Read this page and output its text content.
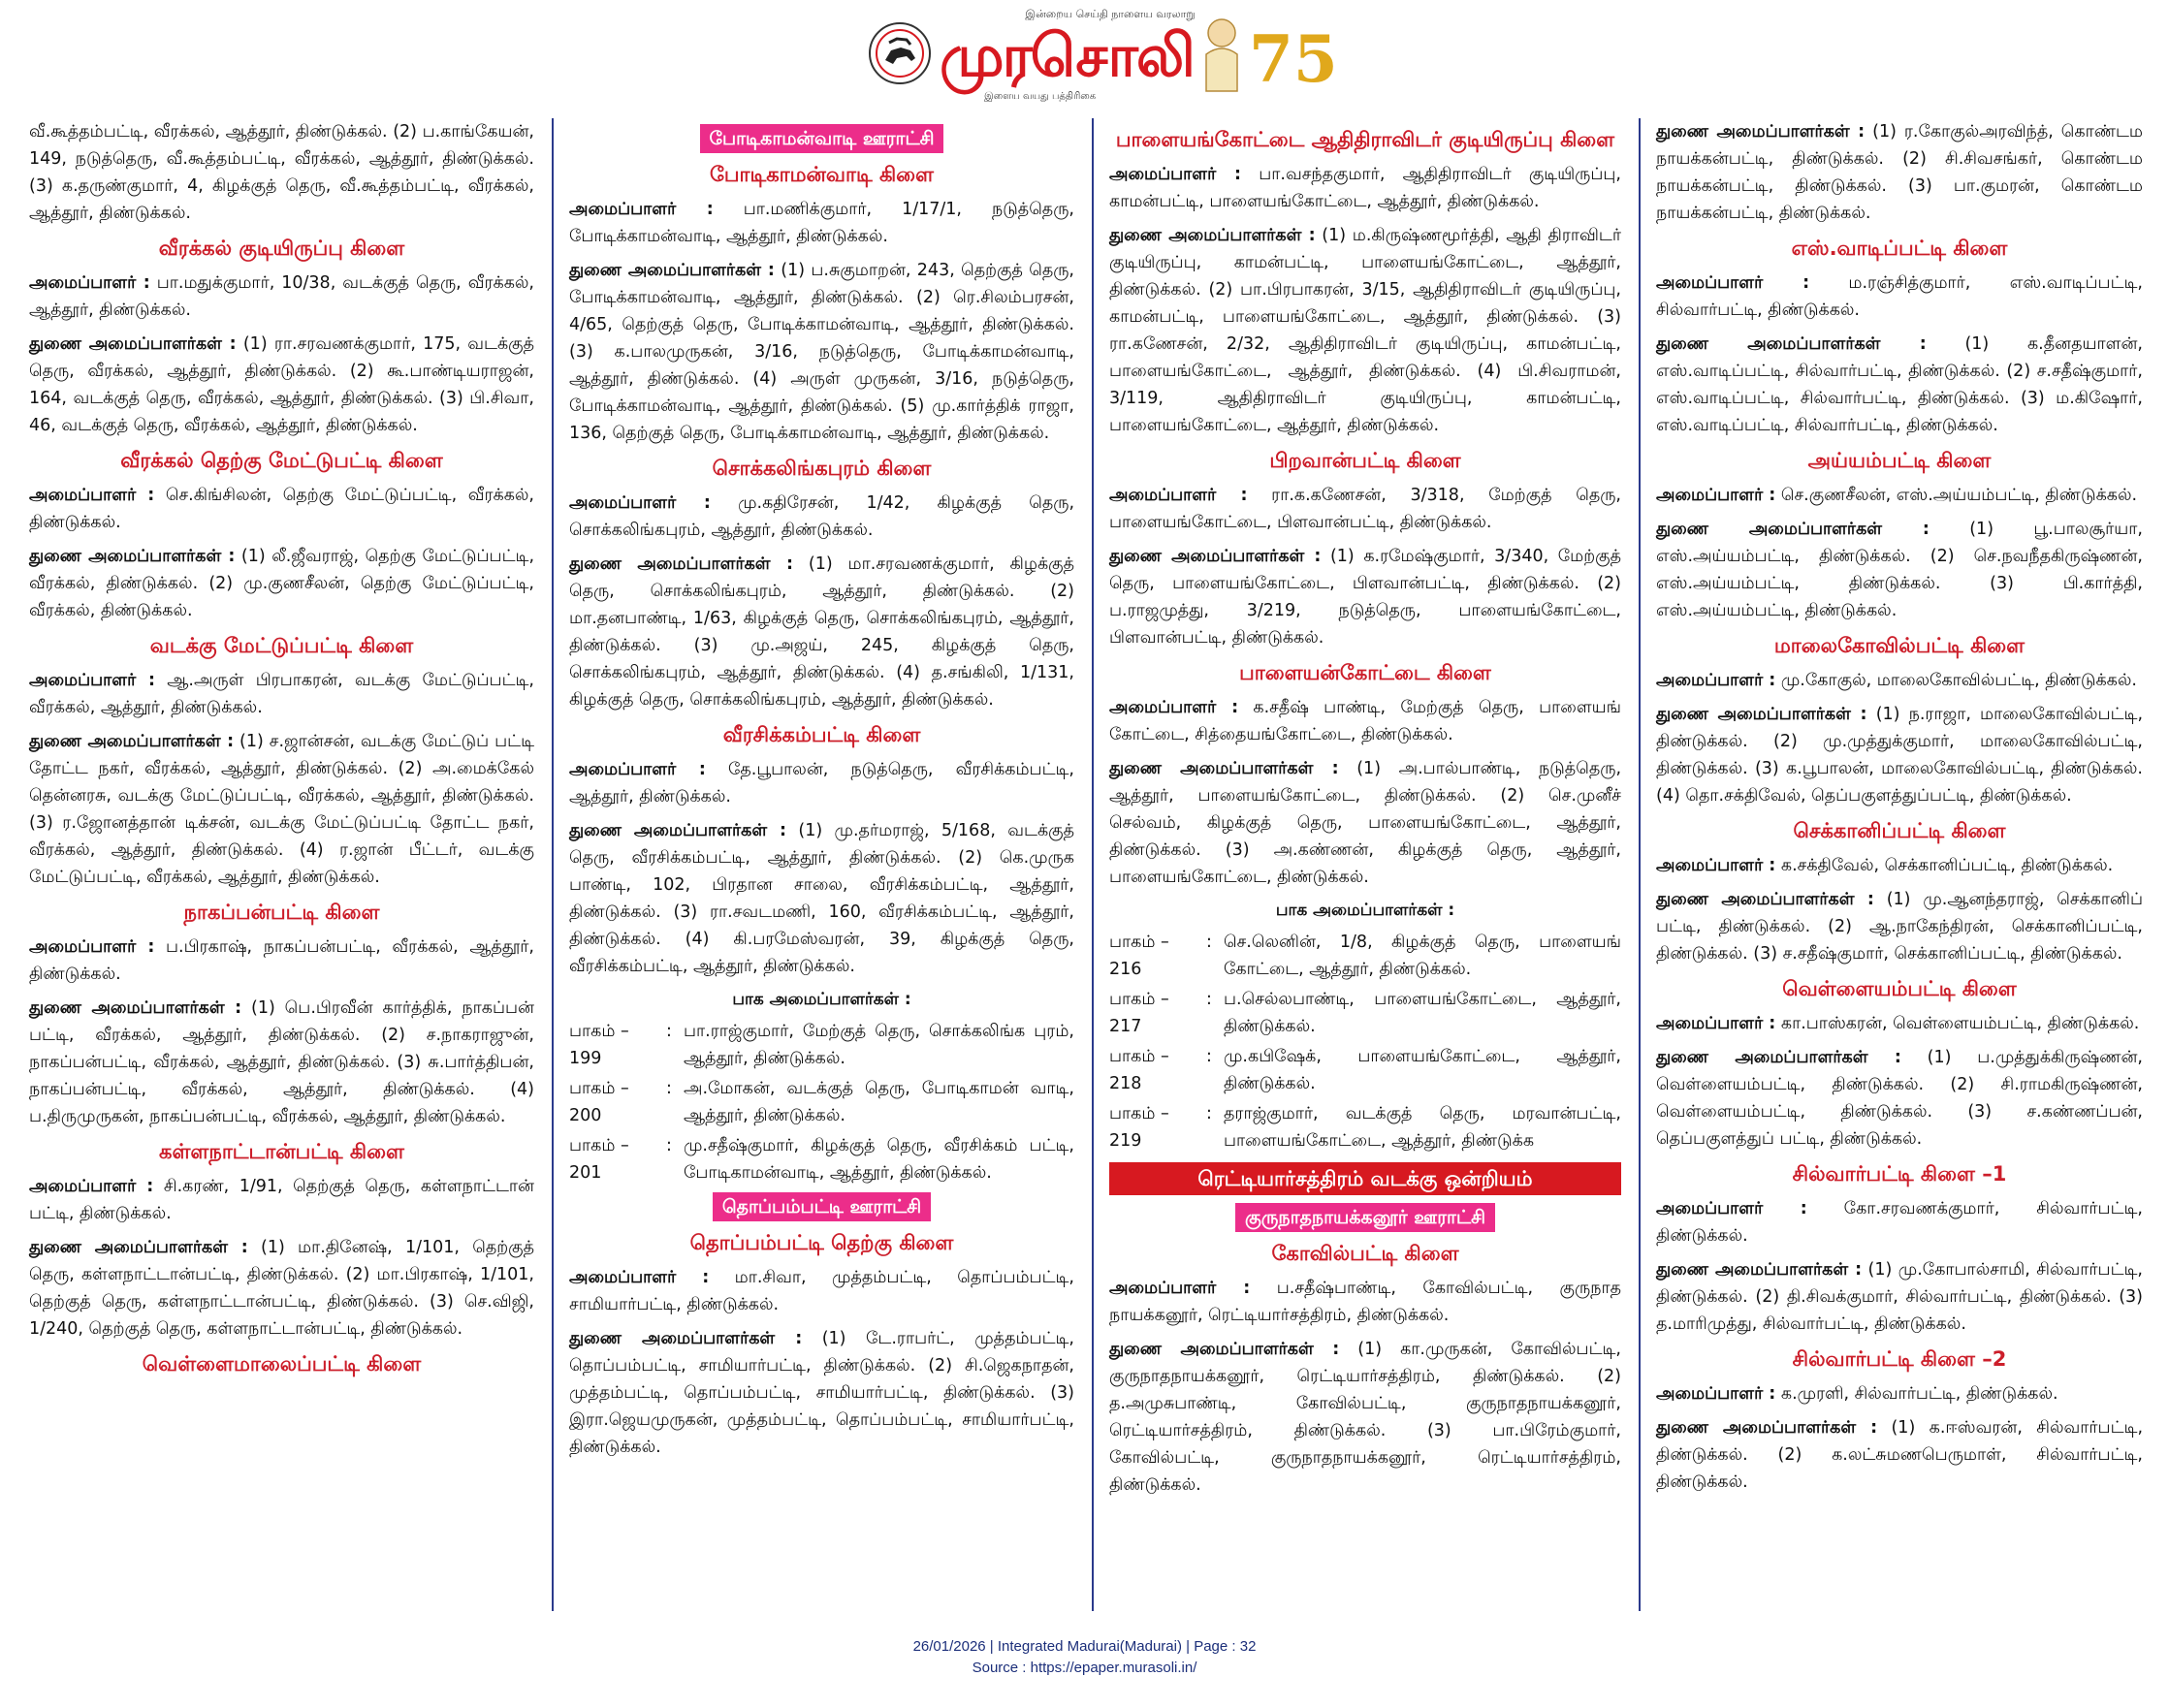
இன்றைய செய்தி நாளைய வரலாறு
முரசொலி 75
இளைய வயது பத்திரிகை

வீ.கூத்தம்பட்டி, வீரக்கல், ஆத்தூர், திண்டுக்கல். (2) ப.காங்கேயன், 149, நடுத்தெரு, வீ.கூத்தம்பட்டி, வீரக்கல், ஆத்தூர், திண்டுக்கல். (3) க.தருண்குமார், 4, கிழக்குத் தெரு, வீ.கூத்தம்பட்டி, வீரக்கல், ஆத்தூர், திண்டுக்கல்.

வீரக்கல் குடியிருப்பு கிளை

அமைப்பாளர் : பா.மதுக்குமார், 10/38, வடக்குத் தெரு, வீரக்கல், ஆத்தூர், திண்டுக்கல்.

துணை அமைப்பாளர்கள் : (1) ரா.சரவணக்குமார், 175, வடக்குத் தெரு, வீரக்கல், ஆத்தூர், திண்டுக்கல். (2) கூ.பாண்டியராஜன், 164, வடக்குத் தெரு, வீரக்கல், ஆத்தூர், திண்டுக்கல். (3) பி.சிவா, 46, வடக்குத் தெரு, வீரக்கல், ஆத்தூர், திண்டுக்கல்.

வீரக்கல் தெற்கு மேட்டுபட்டி கிளை

அமைப்பாளர் : செ.கிங்சிலன், தெற்கு மேட்டுப்பட்டி, வீரக்கல், திண்டுக்கல்.

துணை அமைப்பாளர்கள் : (1) லீ.ஜீவராஜ், தெற்கு மேட்டுப்பட்டி, வீரக்கல், திண்டுக்கல். (2) மு.குணசீலன், தெற்கு மேட்டுப்பட்டி, வீரக்கல், திண்டுக்கல்.

வடக்கு மேட்டுப்பட்டி கிளை

அமைப்பாளர் : ஆ.அருள் பிரபாகரன், வடக்கு மேட்டுப்பட்டி, வீரக்கல், ஆத்தூர், திண்டுக்கல்.

துணை அமைப்பாளர்கள் : (1) ச.ஜான்சன், வடக்கு மேட்டுப் பட்டி தோட்ட நகர், வீரக்கல், ஆத்தூர், திண்டுக்கல். (2) அ.மைக்கேல் தென்னரசு, வடக்கு மேட்டுப்பட்டி, வீரக்கல், ஆத்தூர், திண்டுக்கல். (3) ர.ஜோனத்தான் டிக்சன், வடக்கு மேட்டுப்பட்டி தோட்ட நகர், வீரக்கல், ஆத்தூர், திண்டுக்கல். (4) ர.ஜான் பீட்டர், வடக்கு மேட்டுப்பட்டி, வீரக்கல், ஆத்தூர், திண்டுக்கல்.

நாகப்பன்பட்டி கிளை

அமைப்பாளர் : ப.பிரகாஷ், நாகப்பன்பட்டி, வீரக்கல், ஆத்தூர், திண்டுக்கல்.

துணை அமைப்பாளர்கள் : (1) பெ.பிரவீன் கார்த்திக், நாகப்பன் பட்டி, வீரக்கல், ஆத்தூர், திண்டுக்கல். (2) ச.நாகராஜுன், நாகப்பன்பட்டி, வீரக்கல், ஆத்தூர், திண்டுக்கல். (3) சு.பார்த்திபன், நாகப்பன்பட்டி, வீரக்கல், ஆத்தூர், திண்டுக்கல். (4) ப.திருமுருகன், நாகப்பன்பட்டி, வீரக்கல், ஆத்தூர், திண்டுக்கல்.

கள்ளநாட்டான்பட்டி கிளை

அமைப்பாளர் : சி.கரண், 1/91, தெற்குத் தெரு, கள்ளநாட்டான் பட்டி, திண்டுக்கல்.

துணை அமைப்பாளர்கள் : (1) மா.தினேஷ், 1/101, தெற்குத் தெரு, கள்ளநாட்டான்பட்டி, திண்டுக்கல். (2) மா.பிரகாஷ், 1/101, தெற்குத் தெரு, கள்ளநாட்டான்பட்டி, திண்டுக்கல். (3) செ.விஜி, 1/240, தெற்குத் தெரு, கள்ளநாட்டான்பட்டி, திண்டுக்கல்.

வெள்ளைமாலைப்பட்டி கிளை
போடிகாமன்வாடி ஊராட்சி
போடிகாமன்வாடி கிளை

அமைப்பாளர் : பா.மணிக்குமார், 1/17/1, நடுத்தெரு, போடிக்காமன்வாடி, ஆத்தூர், திண்டுக்கல்.

துணை அமைப்பாளர்கள் : (1) ப.சுகுமாறன், 243, தெற்குத் தெரு, போடிக்காமன்வாடி, ஆத்தூர், திண்டுக்கல். (2) ரெ.சிலம்பரசன், 4/65, தெற்குத் தெரு, போடிக்காமன்வாடி, ஆத்தூர், திண்டுக்கல். (3) க.பாலமுருகன், 3/16, நடுத்தெரு, போடிக்காமன்வாடி, ஆத்தூர், திண்டுக்கல். (4) அருள் முருகன், 3/16, நடுத்தெரு, போடிக்காமன்வாடி, ஆத்தூர், திண்டுக்கல். (5) மு.கார்த்திக் ராஜா, 136, தெற்குத் தெரு, போடிக்காமன்வாடி, ஆத்தூர், திண்டுக்கல்.

சொக்கலிங்கபுரம் கிளை

அமைப்பாளர் : மு.கதிரேசன், 1/42, கிழக்குத் தெரு, சொக்கலிங்கபுரம், ஆத்தூர், திண்டுக்கல்.

துணை அமைப்பாளர்கள் : (1) மா.சரவணக்குமார், கிழக்குத் தெரு, சொக்கலிங்கபுரம், ஆத்தூர், திண்டுக்கல். (2) மா.தனபாண்டி, 1/63, கிழக்குத் தெரு, சொக்கலிங்கபுரம், ஆத்தூர், திண்டுக்கல். (3) மு.அஜய், 245, கிழக்குத் தெரு, சொக்கலிங்கபுரம், ஆத்தூர், திண்டுக்கல். (4) த.சங்கிலி, 1/131, கிழக்குத் தெரு, சொக்கலிங்கபுரம், ஆத்தூர், திண்டுக்கல்.

வீரசிக்கம்பட்டி கிளை

அமைப்பாளர் : தே.பூபாலன், நடுத்தெரு, வீரசிக்கம்பட்டி, ஆத்தூர், திண்டுக்கல்.

துணை அமைப்பாளர்கள் : (1) மு.தர்மராஜ், 5/168, வடக்குத் தெரு, வீரசிக்கம்பட்டி, ஆத்தூர், திண்டுக்கல். (2) கெ.முருக பாண்டி, 102, பிரதான சாலை, வீரசிக்கம்பட்டி, ஆத்தூர், திண்டுக்கல். (3) ரா.சவடமணி, 160, வீரசிக்கம்பட்டி, ஆத்தூர், திண்டுக்கல். (4) கி.பரமேஸ்வரன், 39, கிழக்குத் தெரு, வீரசிக்கம்பட்டி, ஆத்தூர், திண்டுக்கல்.

பாக அமைப்பாளர்கள் :
பாகம் – 199
: பா.ராஜ்குமார், மேற்குத் தெரு, சொக்கலிங்க புரம், ஆத்தூர், திண்டுக்கல்.
பாகம் – 200
: அ.மோகன், வடக்குத் தெரு, போடிகாமன் வாடி, ஆத்தூர், திண்டுக்கல்.
பாகம் – 201
: மு.சதீஷ்குமார், கிழக்குத் தெரு, வீரசிக்கம் பட்டி, போடிகாமன்வாடி, ஆத்தூர், திண்டுக்கல்.
தொப்பம்பட்டி ஊராட்சி
தொப்பம்பட்டி தெற்கு கிளை

அமைப்பாளர் : மா.சிவா, முத்தம்பட்டி, தொப்பம்பட்டி, சாமியார்பட்டி, திண்டுக்கல்.

துணை அமைப்பாளர்கள் : (1) டே.ராபர்ட், முத்தம்பட்டி, தொப்பம்பட்டி, சாமியார்பட்டி, திண்டுக்கல். (2) சி.ஜெகநாதன், முத்தம்பட்டி, தொப்பம்பட்டி, சாமியார்பட்டி, திண்டுக்கல். (3) இரா.ஜெயமுருகன், முத்தம்பட்டி, தொப்பம்பட்டி, சாமியார்பட்டி, திண்டுக்கல்.

பாளையங்கோட்டை ஆதிதிராவிடர் குடியிருப்பு கிளை

அமைப்பாளர் : பா.வசந்தகுமார், ஆதிதிராவிடர் குடியிருப்பு, காமன்பட்டி, பாளையங்கோட்டை, ஆத்தூர், திண்டுக்கல்.

துணை அமைப்பாளர்கள் : (1) ம.கிருஷ்ணமூர்த்தி, ஆதி திராவிடர் குடியிருப்பு, காமன்பட்டி, பாளையங்கோட்டை, ஆத்தூர், திண்டுக்கல். (2) பா.பிரபாகரன், 3/15, ஆதிதிராவிடர் குடியிருப்பு, காமன்பட்டி, பாளையங்கோட்டை, ஆத்தூர், திண்டுக்கல். (3) ரா.கணேசன், 2/32, ஆதிதிராவிடர் குடியிருப்பு, காமன்பட்டி, பாளையங்கோட்டை, ஆத்தூர், திண்டுக்கல். (4) பி.சிவராமன், 3/119, ஆதிதிராவிடர் குடியிருப்பு, காமன்பட்டி, பாளையங்கோட்டை, ஆத்தூர், திண்டுக்கல்.

பிறவான்பட்டி கிளை

அமைப்பாளர் : ரா.க.கணேசன், 3/318, மேற்குத் தெரு, பாளையங்கோட்டை, பிளவான்பட்டி, திண்டுக்கல்.

துணை அமைப்பாளர்கள் : (1) க.ரமேஷ்குமார், 3/340, மேற்குத் தெரு, பாளையங்கோட்டை, பிளவான்பட்டி, திண்டுக்கல். (2) ப.ராஜமுத்து, 3/219, நடுத்தெரு, பாளையங்கோட்டை, பிளவான்பட்டி, திண்டுக்கல்.

பாளையன்கோட்டை கிளை

அமைப்பாளர் : க.சதீஷ் பாண்டி, மேற்குத் தெரு, பாளையங் கோட்டை, சித்தையங்கோட்டை, திண்டுக்கல்.

துணை அமைப்பாளர்கள் : (1) அ.பால்பாண்டி, நடுத்தெரு, ஆத்தூர், பாளையங்கோட்டை, திண்டுக்கல். (2) செ.முனீச் செல்வம், கிழக்குத் தெரு, பாளையங்கோட்டை, ஆத்தூர், திண்டுக்கல். (3) அ.கண்ணன், கிழக்குத் தெரு, ஆத்தூர், பாளையங்கோட்டை, திண்டுக்கல்.

பாக அமைப்பாளர்கள் :
பாகம் – 216
: செ.லெனின், 1/8, கிழக்குத் தெரு, பாளையங் கோட்டை, ஆத்தூர், திண்டுக்கல்.
பாகம் – 217
: ப.செல்லபாண்டி, பாளையங்கோட்டை, ஆத்தூர், திண்டுக்கல்.
பாகம் – 218
: மு.கபிஷேக், பாளையங்கோட்டை, ஆத்தூர், திண்டுக்கல்.
பாகம் – 219
: தராஜ்குமார், வடக்குத் தெரு, மரவான்பட்டி, பாளையங்கோட்டை, ஆத்தூர், திண்டுக்க
ரெட்டியார்சத்திரம் வடக்கு ஒன்றியம்
குருநாதநாயக்கனூர் ஊராட்சி
கோவில்பட்டி கிளை

அமைப்பாளர் : ப.சதீஷ்பாண்டி, கோவில்பட்டி, குருநாத நாயக்கனூர், ரெட்டியார்சத்திரம், திண்டுக்கல்.

துணை அமைப்பாளர்கள் : (1) கா.முருகன், கோவில்பட்டி, குருநாதநாயக்கனூர், ரெட்டியார்சத்திரம், திண்டுக்கல். (2) த.அமுசுபாண்டி, கோவில்பட்டி, குருநாதநாயக்கனூர், ரெட்டியார்சத்திரம், திண்டுக்கல். (3) பா.பிரேம்குமார், கோவில்பட்டி, குருநாதநாயக்கனூர், ரெட்டியார்சத்திரம், திண்டுக்கல்.

துணை அமைப்பாளர்கள் : (1) ர.கோகுல்அரவிந்த், கொண்டம நாயக்கன்பட்டி, திண்டுக்கல். (2) சி.சிவசங்கர், கொண்டம நாயக்கன்பட்டி, திண்டுக்கல். (3) பா.குமரன், கொண்டம நாயக்கன்பட்டி, திண்டுக்கல்.

எஸ்.வாடிப்பட்டி கிளை

அமைப்பாளர் : ம.ரஞ்சித்குமார், எஸ்.வாடிப்பட்டி, சில்வார்பட்டி, திண்டுக்கல்.

துணை அமைப்பாளர்கள் : (1) க.தீனதயாளன், எஸ்.வாடிப்பட்டி, சில்வார்பட்டி, திண்டுக்கல். (2) ச.சதீஷ்குமார், எஸ்.வாடிப்பட்டி, சில்வார்பட்டி, திண்டுக்கல். (3) ம.கிஷோர், எஸ்.வாடிப்பட்டி, சில்வார்பட்டி, திண்டுக்கல்.

அய்யம்பட்டி கிளை

அமைப்பாளர் : செ.குணசீலன், எஸ்.அய்யம்பட்டி, திண்டுக்கல்.

துணை அமைப்பாளர்கள் : (1) பூ.பாலசூர்யா, எஸ்.அய்யம்பட்டி, திண்டுக்கல். (2) செ.நவநீதகிருஷ்ணன், எஸ்.அய்யம்பட்டி, திண்டுக்கல். (3) பி.கார்த்தி, எஸ்.அய்யம்பட்டி, திண்டுக்கல்.

மாலைகோவில்பட்டி கிளை

அமைப்பாளர் : மு.கோகுல், மாலைகோவில்பட்டி, திண்டுக்கல்.

துணை அமைப்பாளர்கள் : (1) ந.ராஜா, மாலைகோவில்பட்டி, திண்டுக்கல். (2) மு.முத்துக்குமார், மாலைகோவில்பட்டி, திண்டுக்கல். (3) க.பூபாலன், மாலைகோவில்பட்டி, திண்டுக்கல். (4) தொ.சக்திவேல், தெப்பகுளத்துப்பட்டி, திண்டுக்கல்.

செக்கானிப்பட்டி கிளை

அமைப்பாளர் : க.சக்திவேல், செக்கானிப்பட்டி, திண்டுக்கல்.

துணை அமைப்பாளர்கள் : (1) மு.ஆனந்தராஜ், செக்கானிப் பட்டி, திண்டுக்கல். (2) ஆ.நாகேந்திரன், செக்கானிப்பட்டி, திண்டுக்கல். (3) ச.சதீஷ்குமார், செக்கானிப்பட்டி, திண்டுக்கல்.

வெள்ளையம்பட்டி கிளை

அமைப்பாளர் : கா.பாஸ்கரன், வெள்ளையம்பட்டி, திண்டுக்கல்.

துணை அமைப்பாளர்கள் : (1) ப.முத்துக்கிருஷ்ணன், வெள்ளையம்பட்டி, திண்டுக்கல். (2) சி.ராமகிருஷ்ணன், வெள்ளையம்பட்டி, திண்டுக்கல். (3) ச.கண்ணப்பன், தெப்பகுளத்துப் பட்டி, திண்டுக்கல்.

சில்வார்பட்டி கிளை –1

அமைப்பாளர் : கோ.சரவணக்குமார், சில்வார்பட்டி, திண்டுக்கல்.

துணை அமைப்பாளர்கள் : (1) மு.கோபால்சாமி, சில்வார்பட்டி, திண்டுக்கல். (2) தி.சிவக்குமார், சில்வார்பட்டி, திண்டுக்கல். (3) த.மாரிமுத்து, சில்வார்பட்டி, திண்டுக்கல்.

சில்வார்பட்டி கிளை –2

அமைப்பாளர் : க.முரளி, சில்வார்பட்டி, திண்டுக்கல்.

துணை அமைப்பாளர்கள் : (1) க.ஈஸ்வரன், சில்வார்பட்டி, திண்டுக்கல். (2) க.லட்சுமணபெருமாள், சில்வார்பட்டி, திண்டுக்கல்.

26/01/2026 | Integrated Madurai(Madurai) | Page : 32
Source : https://epaper.murasoli.in/
